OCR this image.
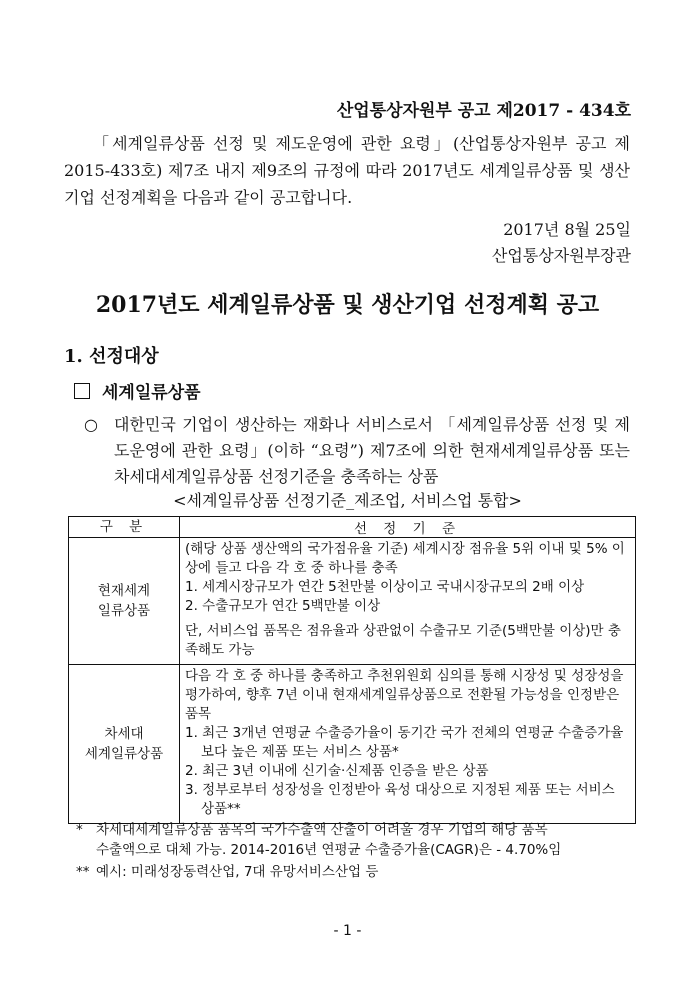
산업통상자원부 공고 제2017 - 434호
「세계일류상품 선정 및 제도운영에 관한 요령」(산업통상자원부 공고 제2015-433호) 제7조 내지 제9조의 규정에 따라 2017년도 세계일류상품 및 생산기업 선정계획을 다음과 같이 공고합니다.
2017년 8월 25일
산업통상자원부장관
2017년도 세계일류상품 및 생산기업 선정계획 공고
1. 선정대상
세계일류상품
○ 대한민국 기업이 생산하는 재화나 서비스로서 「세계일류상품 선정 및 제도운영에 관한 요령」(이하 “요령”) 제7조에 의한 현재세계일류상품 또는 차세대세계일류상품 선정기준을 충족하는 상품
<세계일류상품 선정기준_제조업, 서비스업 통합>
구 분	선 정 기 준

현재세계
일류상품	(해당 상품 생산액의 국가점유율 기준) 세계시장 점유율 5위 이내 및 5% 이상에 들고 다음 각 호 중 하나를 충족
1. 세계시장규모가 연간 5천만불 이상이고 국내시장규모의 2배 이상
2. 수출규모가 연간 5백만불 이상
단, 서비스업 품목은 점유율과 상관없이 수출규모 기준(5백만불 이상)만 충족해도 가능

차세대
세계일류상품	다음 각 호 중 하나를 충족하고 추천위원회 심의를 통해 시장성 및 성장성을 평가하여, 향후 7년 이내 현재세계일류상품으로 전환될 가능성을 인정받은 품목
1. 최근 3개년 연평균 수출증가율이 동기간 국가 전체의 연평균 수출증가율보다 높은 제품 또는 서비스 상품*
2. 최근 3년 이내에 신기술·신제품 인증을 받은 상품
3. 정부로부터 성장성을 인정받아 육성 대상으로 지정된 제품 또는 서비스 상품**
* 차세대세계일류상품 품목의 국가수출액 산출이 어려울 경우 기업의 해당 품목
수출액으로 대체 가능. 2014-2016년 연평균 수출증가율(CAGR)은 - 4.70%임
** 예시: 미래성장동력산업, 7대 유망서비스산업 등
- 1 -
